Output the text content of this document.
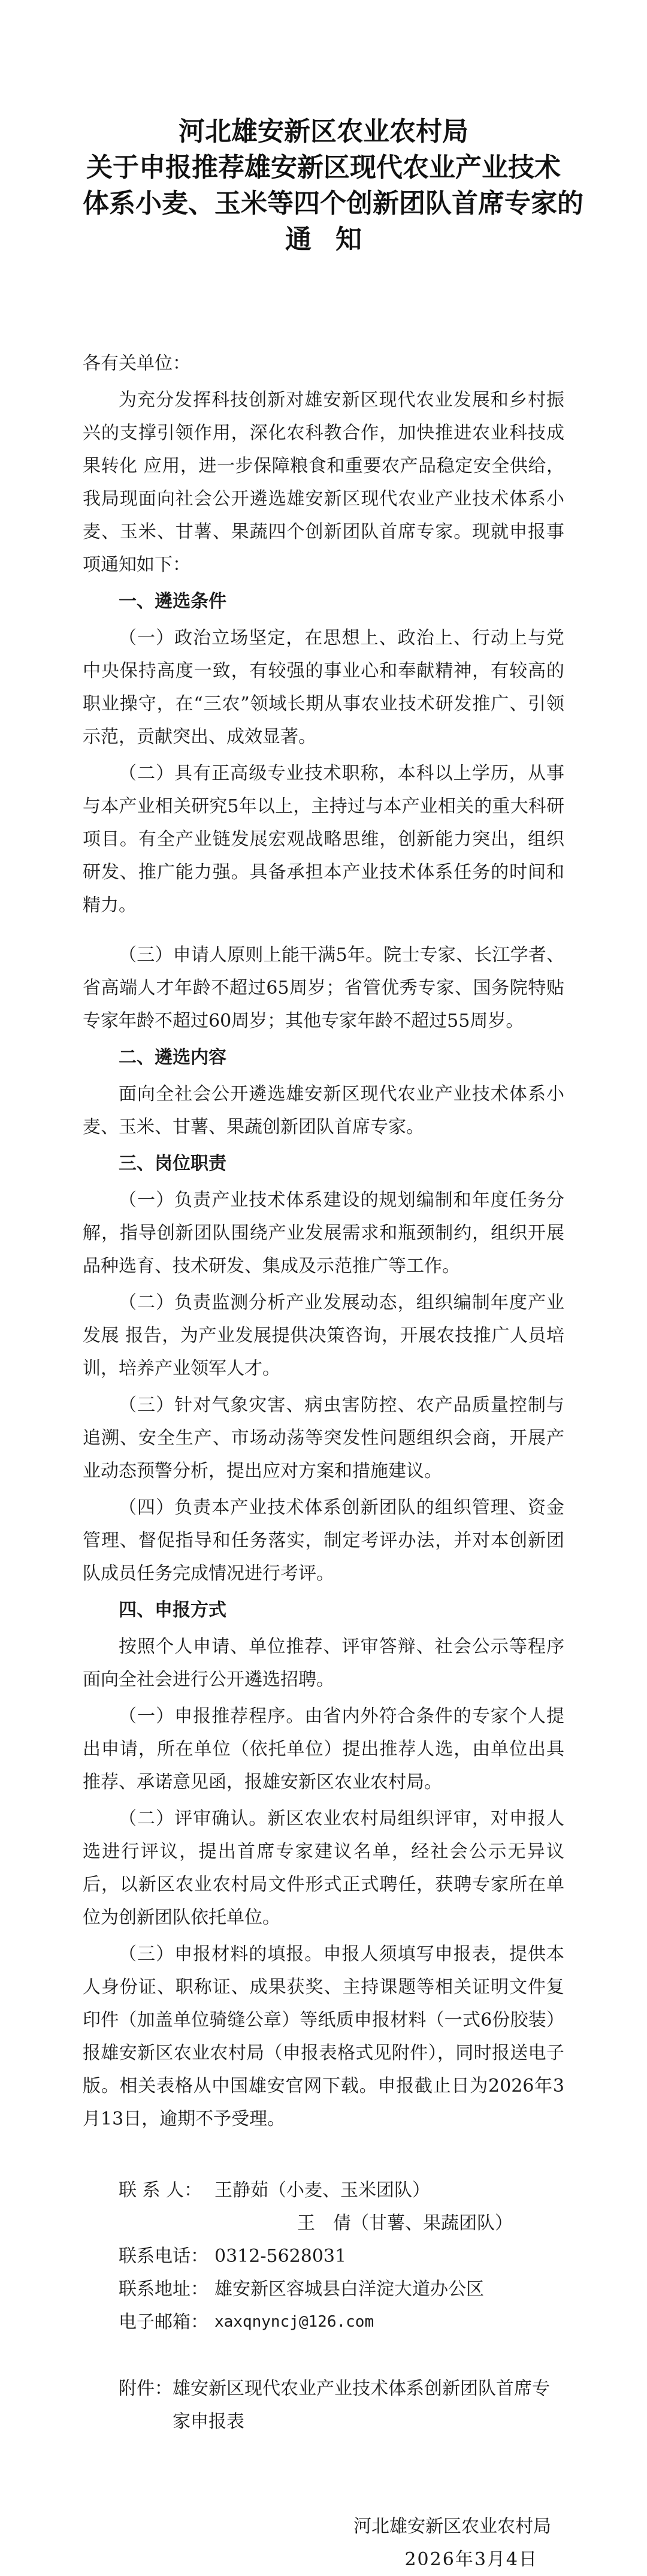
河北雄安新区农业农村局
关于申报推荐雄安新区现代农业产业技术
体系小麦、玉米等四个创新团队首席专家的
通知
各有关单位：

为充分发挥科技创新对雄安新区现代农业发展和乡村振兴的支撑引领作用，深化农科教合作，加快推进农业科技成果转化 应用，进一步保障粮食和重要农产品稳定安全供给，我局现面向社会公开遴选雄安新区现代农业产业技术体系小麦、玉米、甘薯、果蔬四个创新团队首席专家。现就申报事项通知如下：

一、遴选条件

（一）政治立场坚定，在思想上、政治上、行动上与党中央保持高度一致，有较强的事业心和奉献精神，有较高的职业操守，在“三农”领域长期从事农业技术研发推广、引领示范，贡献突出、成效显著。

（二）具有正高级专业技术职称，本科以上学历，从事与本产业相关研究5年以上，主持过与本产业相关的重大科研项目。有全产业链发展宏观战略思维，创新能力突出，组织研发、推广能力强。具备承担本产业技术体系任务的时间和精力。

（三）申请人原则上能干满5年。院士专家、长江学者、省高端人才年龄不超过65周岁；省管优秀专家、国务院特贴专家年龄不超过60周岁；其他专家年龄不超过55周岁。

二、遴选内容

面向全社会公开遴选雄安新区现代农业产业技术体系小麦、玉米、甘薯、果蔬创新团队首席专家。

三、岗位职责

（一）负责产业技术体系建设的规划编制和年度任务分解，指导创新团队围绕产业发展需求和瓶颈制约，组织开展品种选育、技术研发、集成及示范推广等工作。

（二）负责监测分析产业发展动态，组织编制年度产业发展 报告，为产业发展提供决策咨询，开展农技推广人员培训，培养产业领军人才。

（三）针对气象灾害、病虫害防控、农产品质量控制与追溯、安全生产、市场动荡等突发性问题组织会商，开展产业动态预警分析，提出应对方案和措施建议。

（四）负责本产业技术体系创新团队的组织管理、资金管理、督促指导和任务落实，制定考评办法，并对本创新团队成员任务完成情况进行考评。

四、申报方式

按照个人申请、单位推荐、评审答辩、社会公示等程序面向全社会进行公开遴选招聘。

（一）申报推荐程序。由省内外符合条件的专家个人提出申请，所在单位（依托单位）提出推荐人选，由单位出具推荐、承诺意见函，报雄安新区农业农村局。

（二）评审确认。新区农业农村局组织评审，对申报人选进行评议，提出首席专家建议名单，经社会公示无异议后，以新区农业农村局文件形式正式聘任，获聘专家所在单位为创新团队依托单位。

（三）申报材料的填报。申报人须填写申报表，提供本人身份证、职称证、成果获奖、主持课题等相关证明文件复印件（加盖单位骑缝公章）等纸质申报材料（一式6份胶装）报雄安新区农业农村局（申报表格式见附件），同时报送电子版。相关表格从中国雄安官网下载。申报截止日为2026年3月13日，逾期不予受理。

联 系 人： 王静茹（小麦、玉米团队）
王　倩（甘薯、果蔬团队）
联系电话： 0312-5628031
联系地址： 雄安新区容城县白洋淀大道办公区
电子邮箱： xaxqnyncj@126.com
附件： 雄安新区现代农业产业技术体系创新团队首席专家申报表
河北雄安新区农业农村局
2026年3月4日
